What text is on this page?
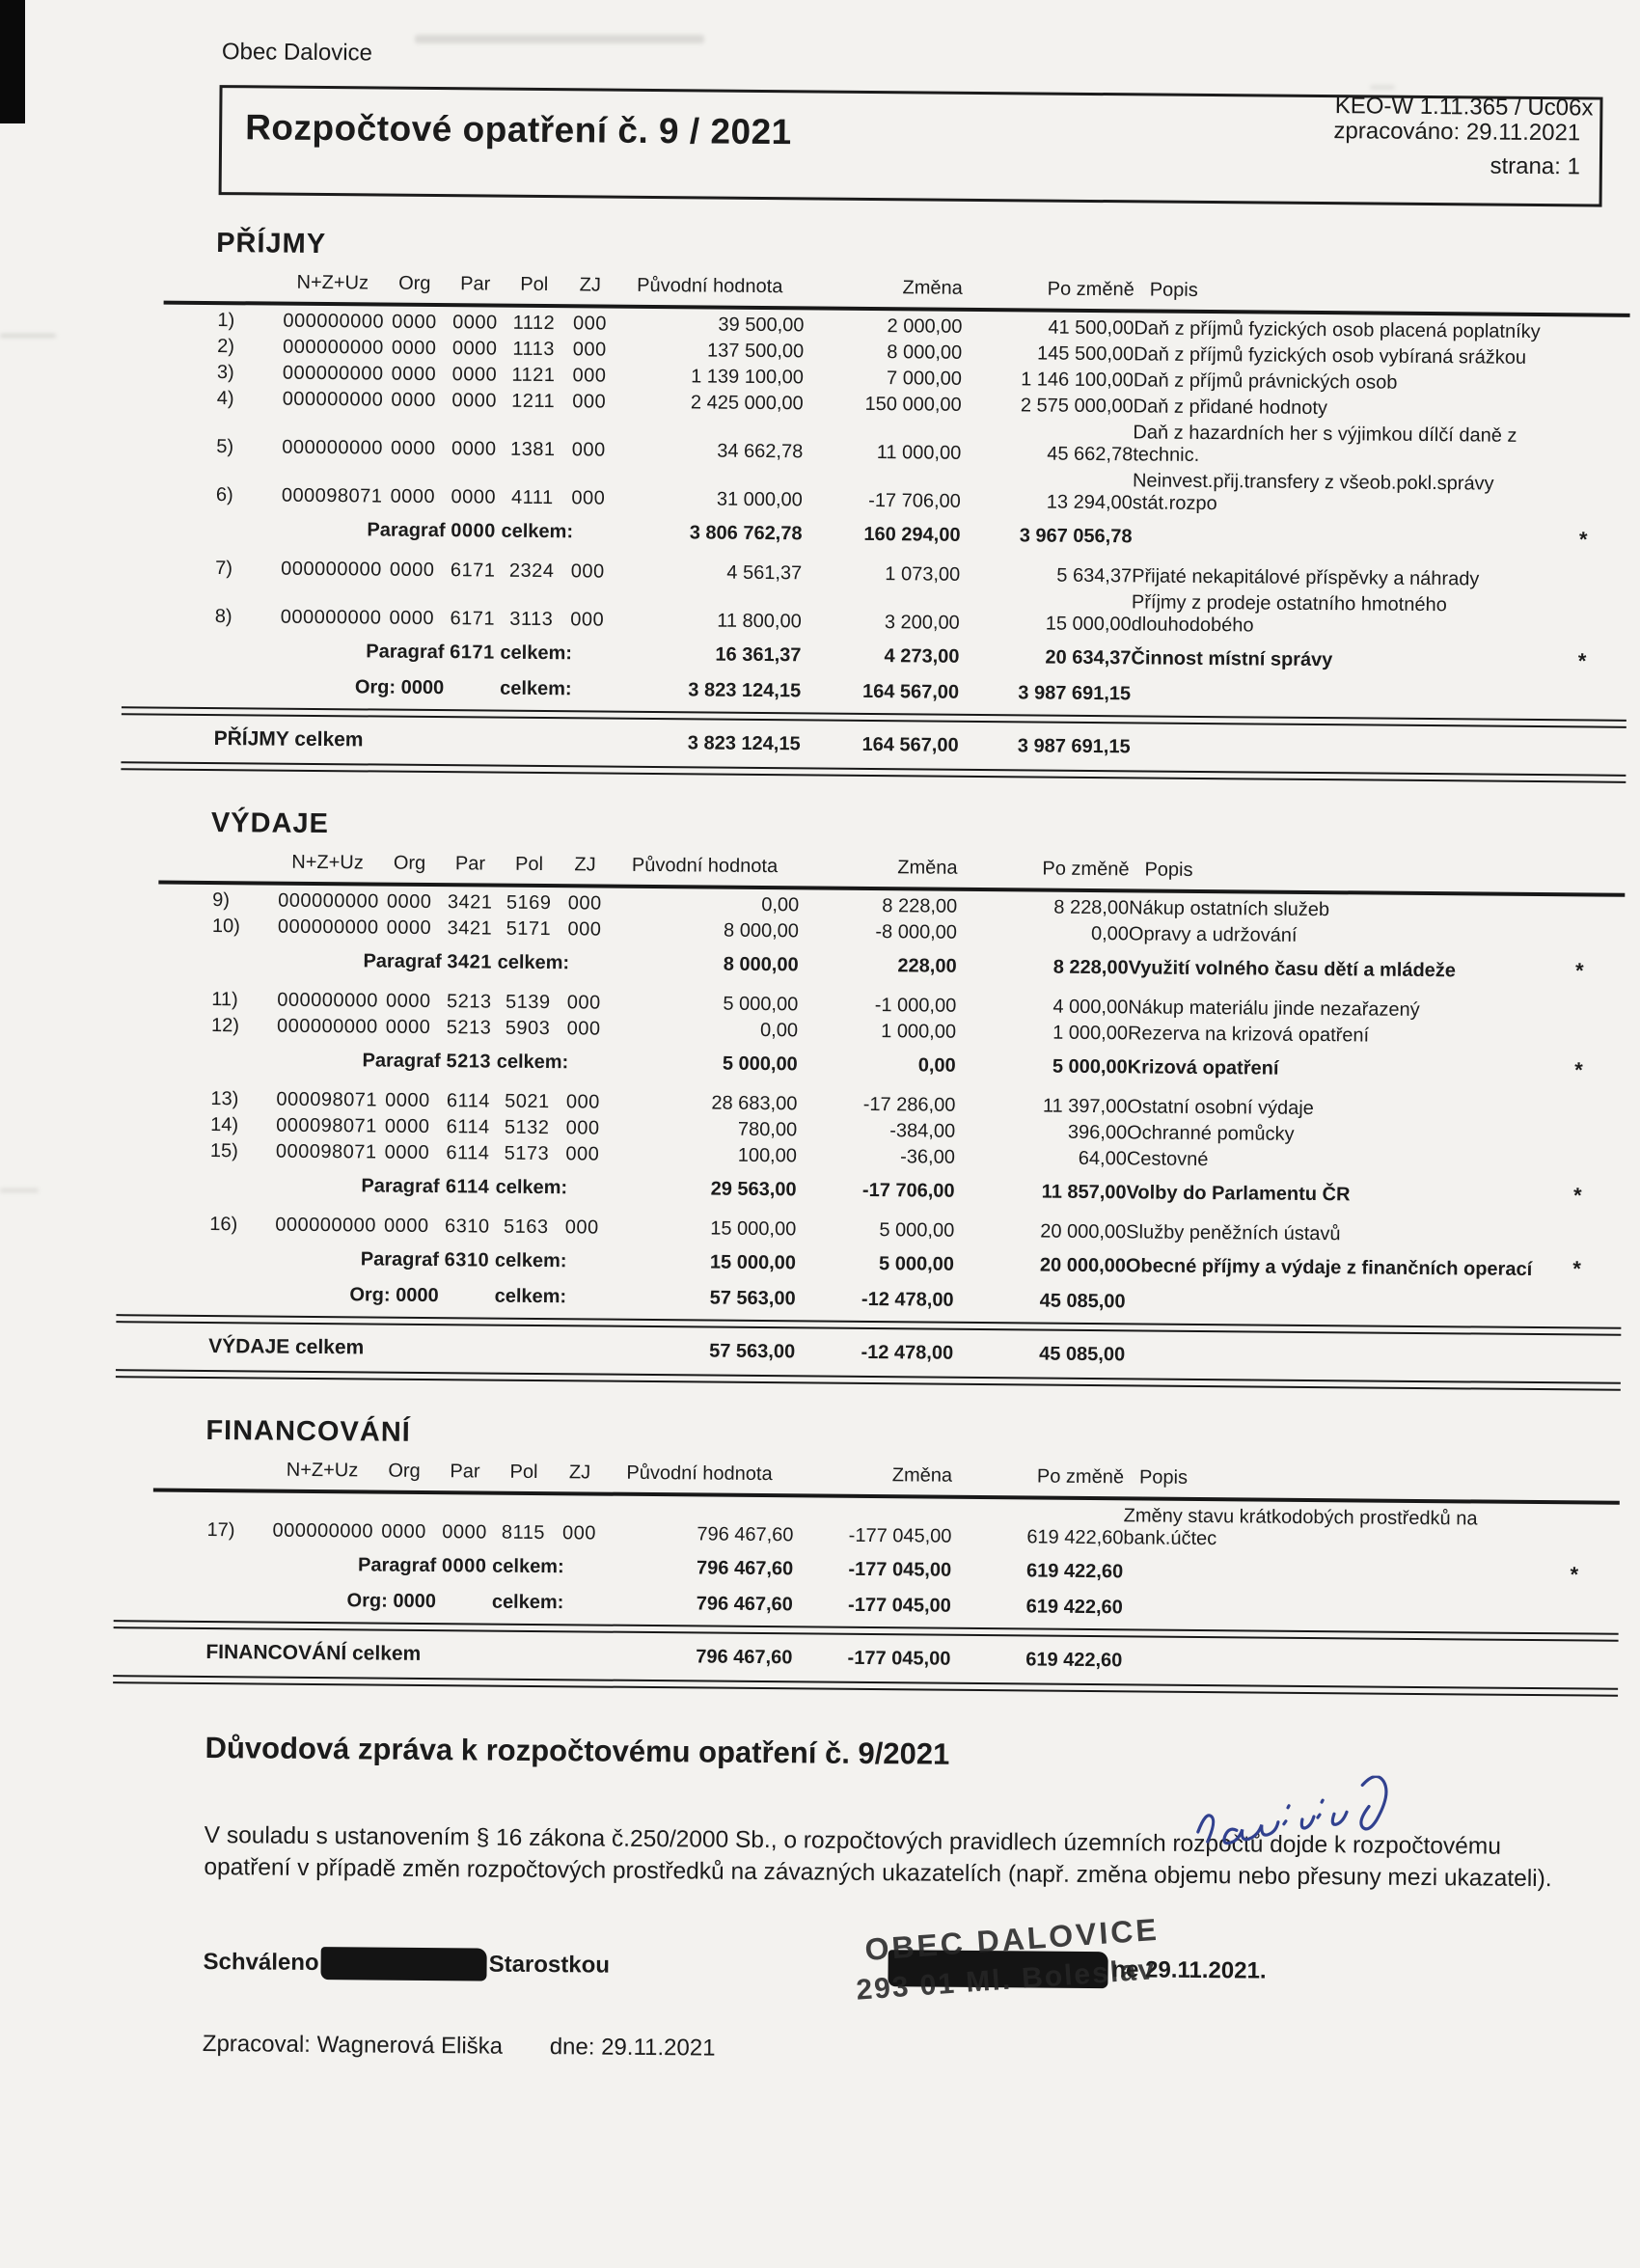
Obec Dalovice
KEO-W 1.11.365 / Uc06x
Rozpočtové opatření č. 9 / 2021	zpracováno: 29.11.2021
strana: 1
PŘÍJMY
	N+Z+Uz	Org	Par	Pol	ZJ	Původní hodnota	Změna	Po změně	Popis	

1)	000000000	0000	0000	1112	000	39 500,00	2 000,00	41 500,00	Daň z příjmů fyzických osob placená poplatníky	
2)	000000000	0000	0000	1113	000	137 500,00	8 000,00	145 500,00	Daň z příjmů fyzických osob vybíraná srážkou	
3)	000000000	0000	0000	1121	000	1 139 100,00	7 000,00	1 146 100,00	Daň z příjmů právnických osob	
4)	000000000	0000	0000	1211	000	2 425 000,00	150 000,00	2 575 000,00	Daň z přidané hodnoty	
5)	000000000	0000	0000	1381	000	34 662,78	11 000,00	45 662,78	Daň z hazardních her s výjimkou dílčí daně z technic.	
6)	000098071	0000	0000	4111	000	31 000,00	-17 706,00	13 294,00	Neinvest.přij.transfery z všeob.pokl.správy stát.rozpo	
	Paragraf		0000	celkem:		3 806 762,78	160 294,00	3 967 056,78		*
7)	000000000	0000	6171	2324	000	4 561,37	1 073,00	5 634,37	Přijaté nekapitálové příspěvky a náhrady	
8)	000000000	0000	6171	3113	000	11 800,00	3 200,00	15 000,00	Příjmy z prodeje ostatního hmotného dlouhodobého	
	Paragraf		6171	celkem:		16 361,37	4 273,00	20 634,37	Činnost místní správy	*
	Org: 0000			celkem:		3 823 124,15	164 567,00	3 987 691,15		

PŘÍJMY celkem						3 823 124,15	164 567,00	3 987 691,15		

VÝDAJE
	N+Z+Uz	Org	Par	Pol	ZJ	Původní hodnota	Změna	Po změně	Popis	

9)	000000000	0000	3421	5169	000	0,00	8 228,00	8 228,00	Nákup ostatních služeb	
10)	000000000	0000	3421	5171	000	8 000,00	-8 000,00	0,00	Opravy a udržování	
	Paragraf		3421	celkem:		8 000,00	228,00	8 228,00	Využití volného času dětí a mládeže	*
11)	000000000	0000	5213	5139	000	5 000,00	-1 000,00	4 000,00	Nákup materiálu jinde nezařazený	
12)	000000000	0000	5213	5903	000	0,00	1 000,00	1 000,00	Rezerva na krizová opatření	
	Paragraf		5213	celkem:		5 000,00	0,00	5 000,00	Krizová opatření	*
13)	000098071	0000	6114	5021	000	28 683,00	-17 286,00	11 397,00	Ostatní osobní výdaje	
14)	000098071	0000	6114	5132	000	780,00	-384,00	396,00	Ochranné pomůcky	
15)	000098071	0000	6114	5173	000	100,00	-36,00	64,00	Cestovné	
	Paragraf		6114	celkem:		29 563,00	-17 706,00	11 857,00	Volby do Parlamentu ČR	*
16)	000000000	0000	6310	5163	000	15 000,00	5 000,00	20 000,00	Služby peněžních ústavů	
	Paragraf		6310	celkem:		15 000,00	5 000,00	20 000,00	Obecné příjmy a výdaje z finančních operací	*
	Org: 0000			celkem:		57 563,00	-12 478,00	45 085,00		

VÝDAJE celkem						57 563,00	-12 478,00	45 085,00		

FINANCOVÁNÍ
	N+Z+Uz	Org	Par	Pol	ZJ	Původní hodnota	Změna	Po změně	Popis	

17)	000000000	0000	0000	8115	000	796 467,60	-177 045,00	619 422,60	Změny stavu krátkodobých prostředků na bank.účtec	
	Paragraf		0000	celkem:		796 467,60	-177 045,00	619 422,60		*
	Org: 0000			celkem:		796 467,60	-177 045,00	619 422,60		

FINANCOVÁNÍ celkem						796 467,60	-177 045,00	619 422,60		

Důvodová zpráva k rozpočtovému opatření č. 9/2021

V souladu s ustanovením § 16 zákona č.250/2000 Sb., o rozpočtových pravidlech územních rozpočtů dojde k rozpočtovému opatření v případě změn rozpočtových prostředků na závazných ukazatelích (např. změna objemu nebo přesuny mezi ukazateli).

Schváleno	Starostkou	ne 29.11.2021.
Zpracoval: Wagnerová Eliška dne: 29.11.2021
OBEC DALOVICE
293 01 Ml. Boleslav
